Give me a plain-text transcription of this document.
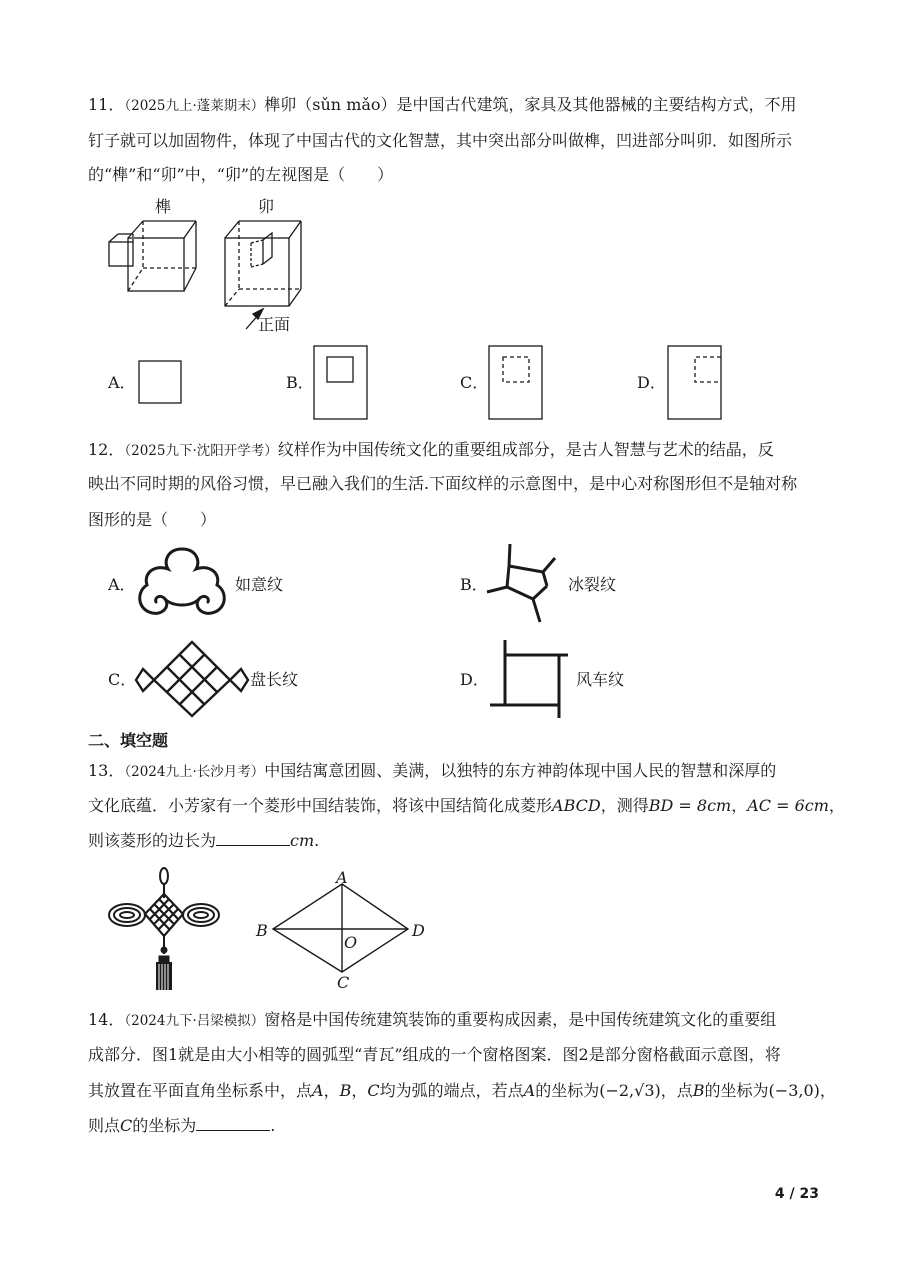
11．（2025九上·蓬莱期末）榫卯（sǔn mǎo）是中国古代建筑，家具及其他器械的主要结构方式，不用
钉子就可以加固物件，体现了中国古代的文化智慧，其中突出部分叫做榫，凹进部分叫卯．如图所示
的“榫”和“卯”中，“卯”的左视图是（　　）
榫	卯
正面
A．	B．	C．	D．
12．（2025九下·沈阳开学考）纹样作为中国传统文化的重要组成部分，是古人智慧与艺术的结晶，反
映出不同时期的风俗习惯，早已融入我们的生活.下面纹样的示意图中，是中心对称图形但不是轴对称
图形的是（　　）
A．	如意纹	B．	冰裂纹
C．	盘长纹	D．	风车纹
二、填空题
13．（2024九上·长沙月考）中国结寓意团圆、美满，以独特的东方神韵体现中国人民的智慧和深厚的
文化底蕴．小芳家有一个菱形中国结装饰，将该中国结简化成菱形ABCD，测得BD = 8cm，AC = 6cm，
则该菱形的边长为	cm.
A
B
C
D
O
14．（2024九下·吕梁模拟）窗格是中国传统建筑装饰的重要构成因素，是中国传统建筑文化的重要组
成部分．图1就是由大小相等的圆弧型“青瓦”组成的一个窗格图案．图2是部分窗格截面示意图，将
其放置在平面直角坐标系中，点A，B，C均为弧的端点，若点A的坐标为(−2,√3)，点B的坐标为(−3,0)，
则点C的坐标为	.
4 / 23
